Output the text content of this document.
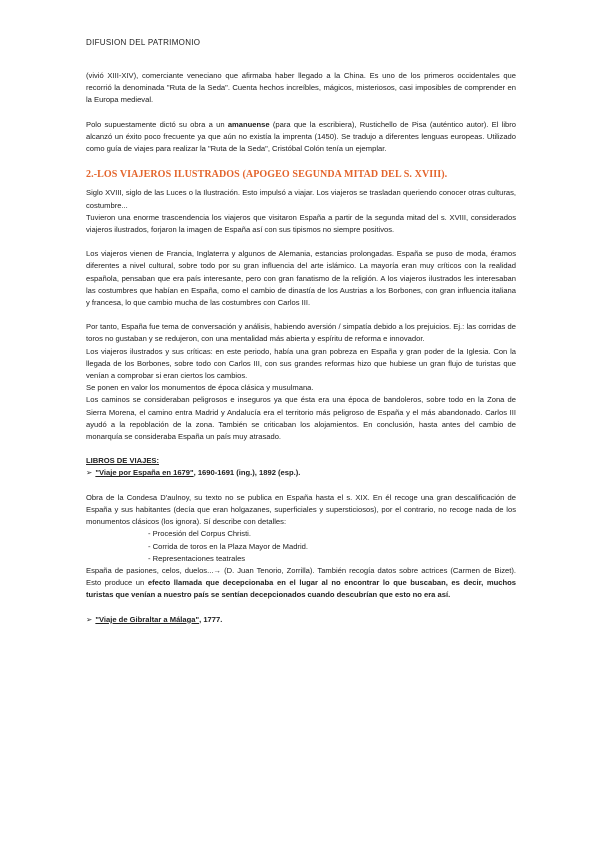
DIFUSION DEL PATRIMONIO

(vivió XIII-XIV), comerciante veneciano que afirmaba haber llegado a la China. Es uno de los primeros occidentales que recorrió la denominada "Ruta de la Seda". Cuenta hechos increíbles, mágicos, misteriosos, casi imposibles de comprender en la Europa medieval.

Polo supuestamente dictó su obra a un amanuense (para que la escribiera), Rustichello de Pisa (auténtico autor). El libro alcanzó un éxito poco frecuente ya que aún no existía la imprenta (1450). Se tradujo a diferentes lenguas europeas. Utilizado como guía de viajes para realizar la "Ruta de la Seda", Cristóbal Colón tenía un ejemplar.

2.-LOS VIAJEROS ILUSTRADOS (APOGEO SEGUNDA MITAD DEL S. XVIII).

Siglo XVIII, siglo de las Luces o la Ilustración. Esto impulsó a viajar. Los viajeros se trasladan queriendo conocer otras culturas, costumbre...

Tuvieron una enorme trascendencia los viajeros que visitaron España a partir de la segunda mitad del s. XVIII, considerados viajeros ilustrados, forjaron la imagen de España así con sus tipismos no siempre positivos.

Los viajeros vienen de Francia, Inglaterra y algunos de Alemania, estancias prolongadas. España se puso de moda, éramos diferentes a nivel cultural, sobre todo por su gran influencia del arte islámico. La mayoría eran muy críticos con la realidad española, pensaban que era país interesante, pero con gran fanatismo de la religión. A los viajeros ilustrados les interesaban las costumbres que habían en España, como el cambio de dinastía de los Austrias a los Borbones, con gran influencia italiana y francesa, lo que cambio mucha de las costumbres con Carlos III.

Por tanto, España fue tema de conversación y análisis, habiendo aversión / simpatía debido a los prejuicios. Ej.: las corridas de toros no gustaban y se redujeron, con una mentalidad más abierta y espíritu de reforma e innovador.

Los viajeros ilustrados y sus críticas: en este periodo, había una gran pobreza en España y gran poder de la Iglesia. Con la llegada de los Borbones, sobre todo con Carlos III, con sus grandes reformas hizo que hubiese un gran flujo de turistas que venían a comprobar si eran ciertos los cambios.

Se ponen en valor los monumentos de época clásica y musulmana.

Los caminos se consideraban peligrosos e inseguros ya que ésta era una época de bandoleros, sobre todo en la Zona de Sierra Morena, el camino entra Madrid y Andalucía era el territorio más peligroso de España y el más abandonado. Carlos III ayudó a la repoblación de la zona. También se criticaban los alojamientos. En conclusión, hasta antes del cambio de monarquía se consideraba España un país muy atrasado.

LIBROS DE VIAJES:

➢ "Viaje por España en 1679", 1690-1691 (ing.), 1892 (esp.).

Obra de la Condesa D'aulnoy, su texto no se publica en España hasta el s. XIX. En él recoge una gran descalificación de España y sus habitantes (decía que eran holgazanes, superficiales y supersticiosos), por el contrario, no recoge nada de los monumentos clásicos (los ignora). Sí describe con detalles:

- Procesión del Corpus Christi.
- Corrida de toros en la Plaza Mayor de Madrid.
- Representaciones teatrales

España de pasiones, celos, duelos...→ (D. Juan Tenorio, Zorrilla). También recogía datos sobre actrices (Carmen de Bizet). Esto produce un efecto llamada que decepcionaba en el lugar al no encontrar lo que buscaban, es decir, muchos turistas que venían a nuestro país se sentían decepcionados cuando descubrían que esto no era así.

➢ "Viaje de Gibraltar a Málaga", 1777.
